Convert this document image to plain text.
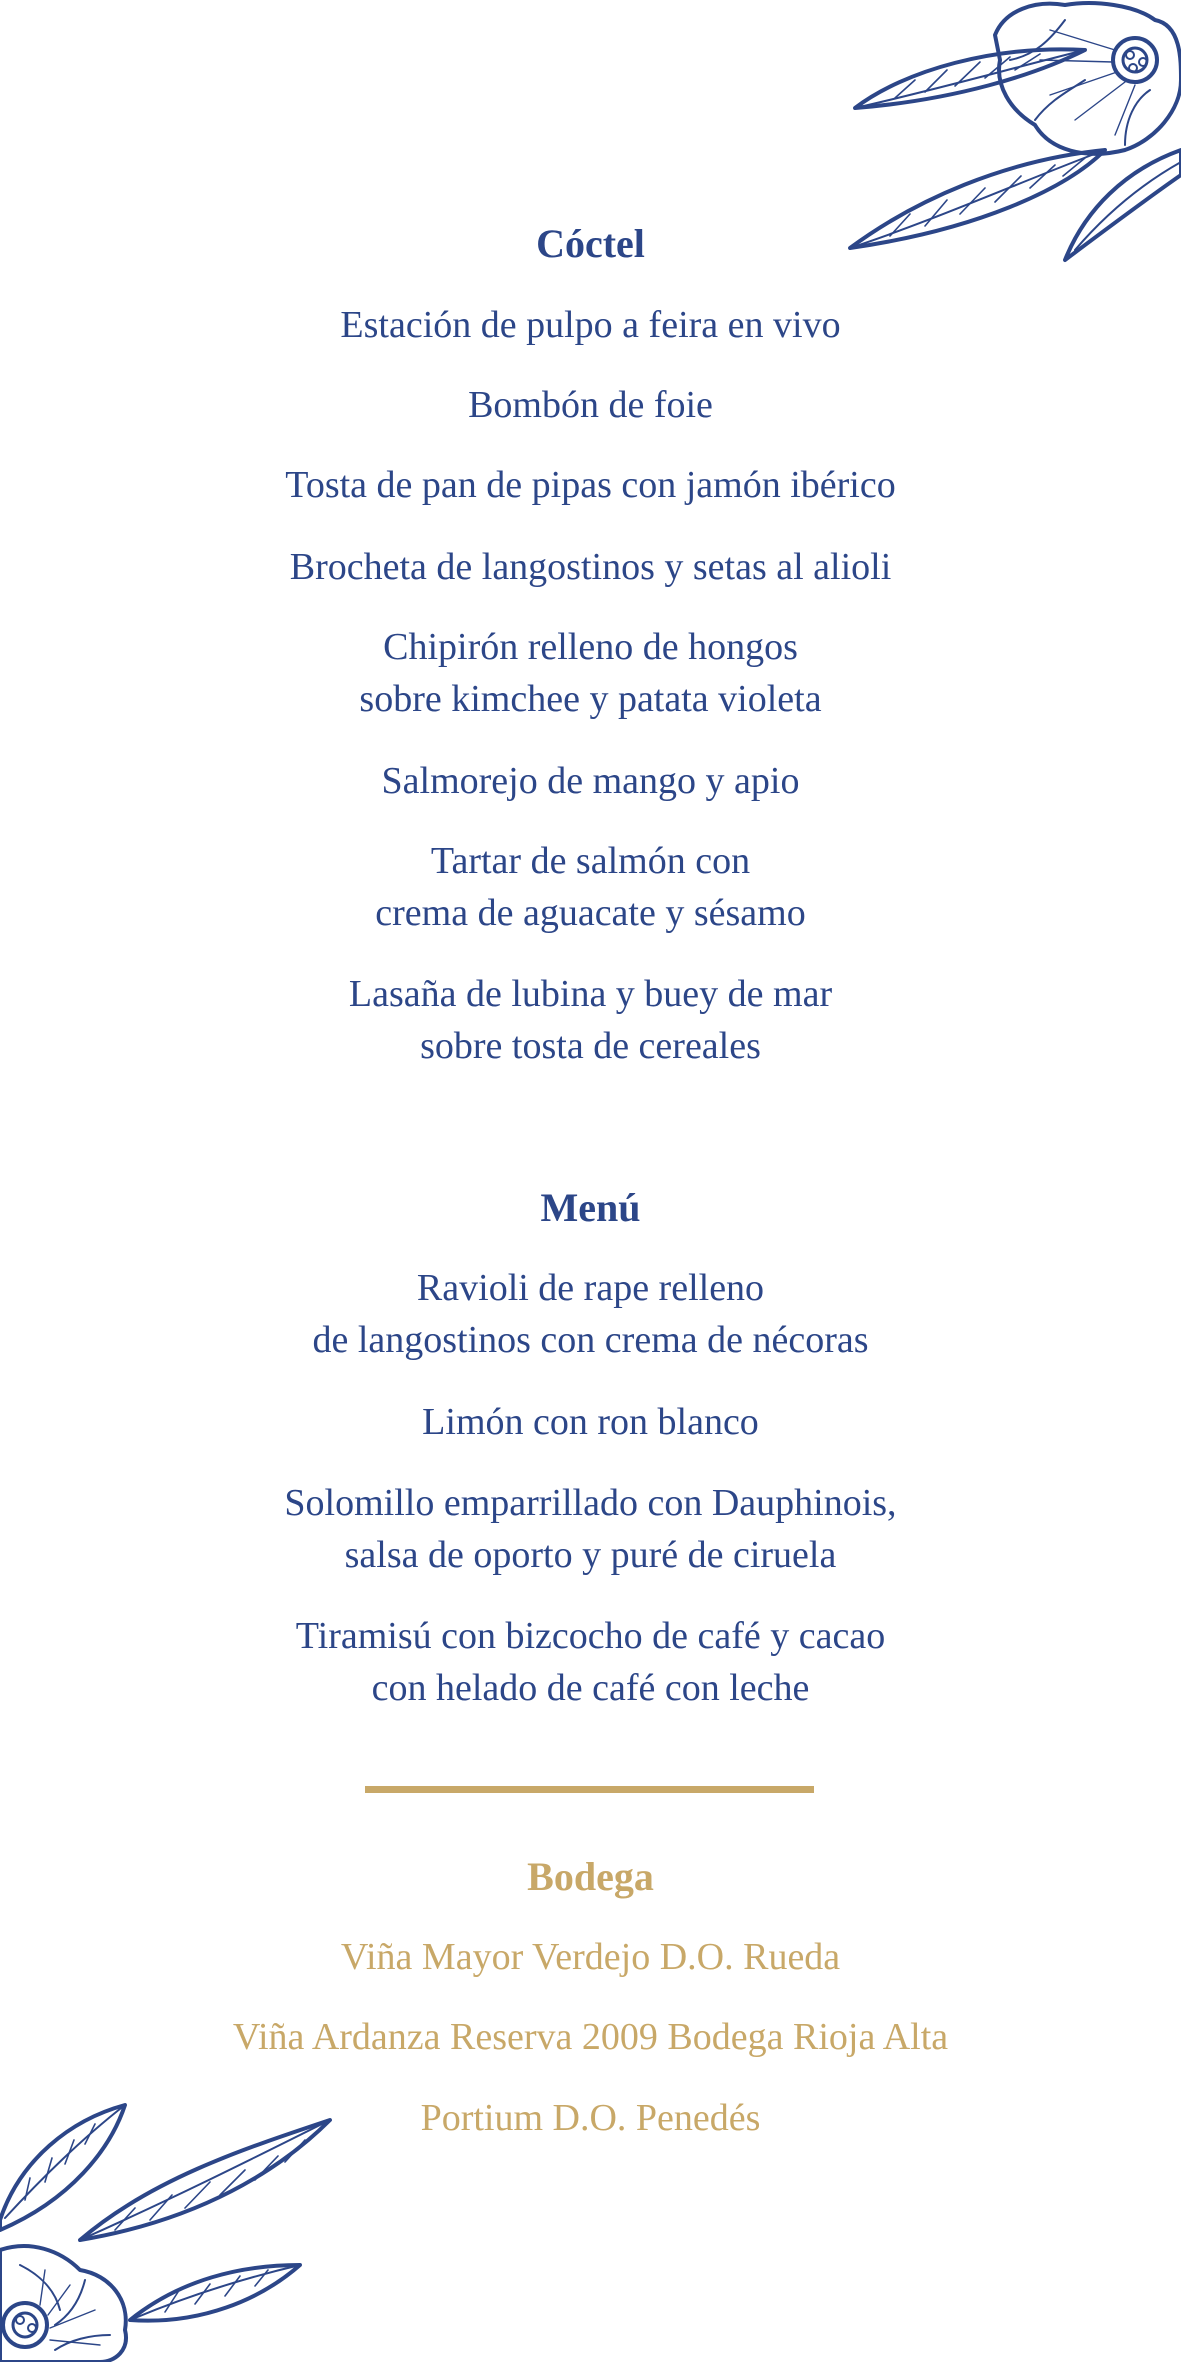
Cóctel

Estación de pulpo a feira en vivo

Bombón de foie

Tosta de pan de pipas con jamón ibérico

Brocheta de langostinos y setas al alioli

Chipirón relleno de hongos

sobre kimchee y patata violeta

Salmorejo de mango y apio

Tartar de salmón con

crema de aguacate y sésamo

Lasaña de lubina y buey de mar

sobre tosta de cereales

Menú

Ravioli de rape relleno

de langostinos con crema de nécoras

Limón con ron blanco

Solomillo emparrillado con Dauphinois,

salsa de oporto y puré de ciruela

Tiramisú con bizcocho de café y cacao

con helado de café con leche

Bodega

Viña Mayor Verdejo D.O. Rueda

Viña Ardanza Reserva 2009 Bodega Rioja Alta

Portium D.O. Penedés
